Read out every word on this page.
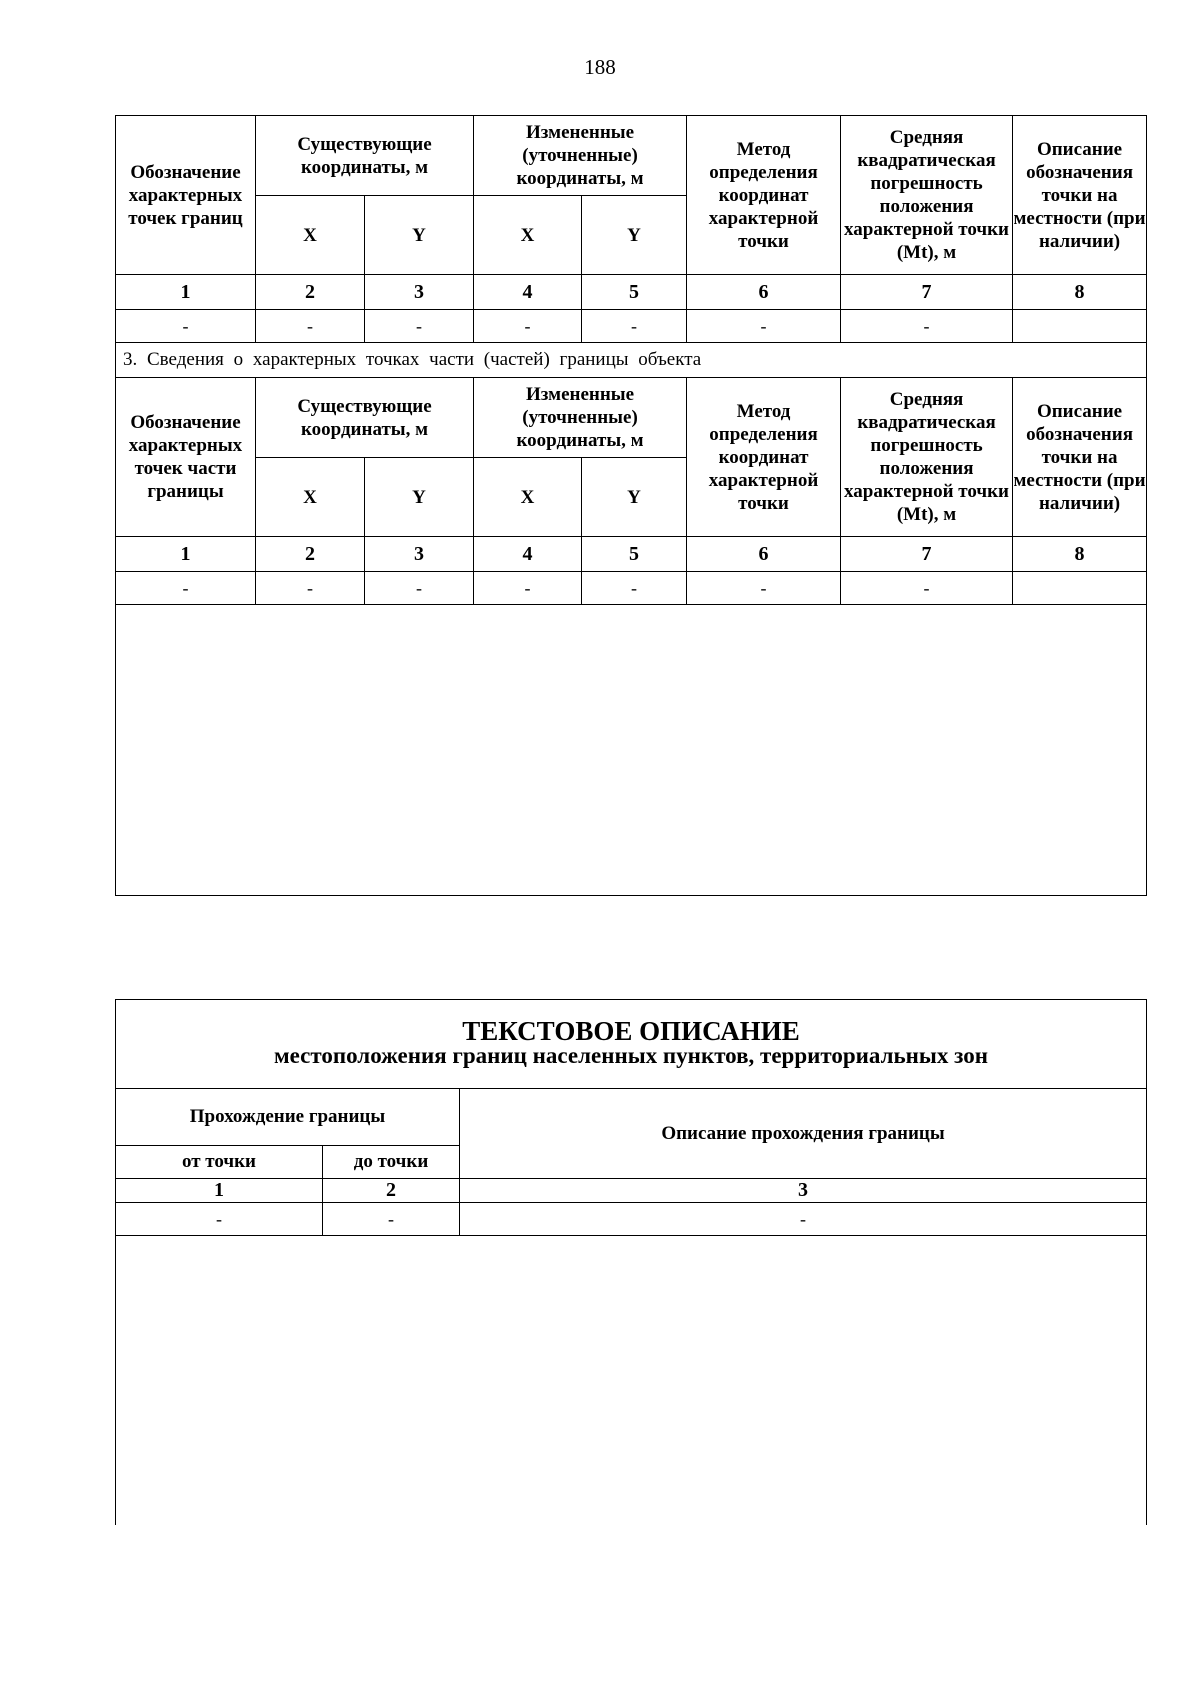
188
Обозначение характерных точек границ	Существующие координаты, м		Измененные (уточненные) координаты, м		Метод определения координат характерной точки	Средняя квадратическая погрешность положения характерной точки (Mt), м	Описание обозначения точки на местности (при наличии)
	X	Y	X	Y			
1	2	3	4	5	6	7	8
-	-	-	-	-	-	-	
3. Сведения о характерных точках части (частей) границы объекта							
Обозначение характерных точек части границы	Существующие координаты, м		Измененные (уточненные) координаты, м		Метод определения координат характерной точки	Средняя квадратическая погрешность положения характерной точки (Mt), м	Описание обозначения точки на местности (при наличии)
	X	Y	X	Y			
1	2	3	4	5	6	7	8
-	-	-	-	-	-	-	

ТЕКСТОВОЕ ОПИСАНИЕ
местоположения границ населенных пунктов, территориальных зон		

Прохождение границы		Описание прохождения границы
от точки	до точки	
1	2	3
-	-	-
